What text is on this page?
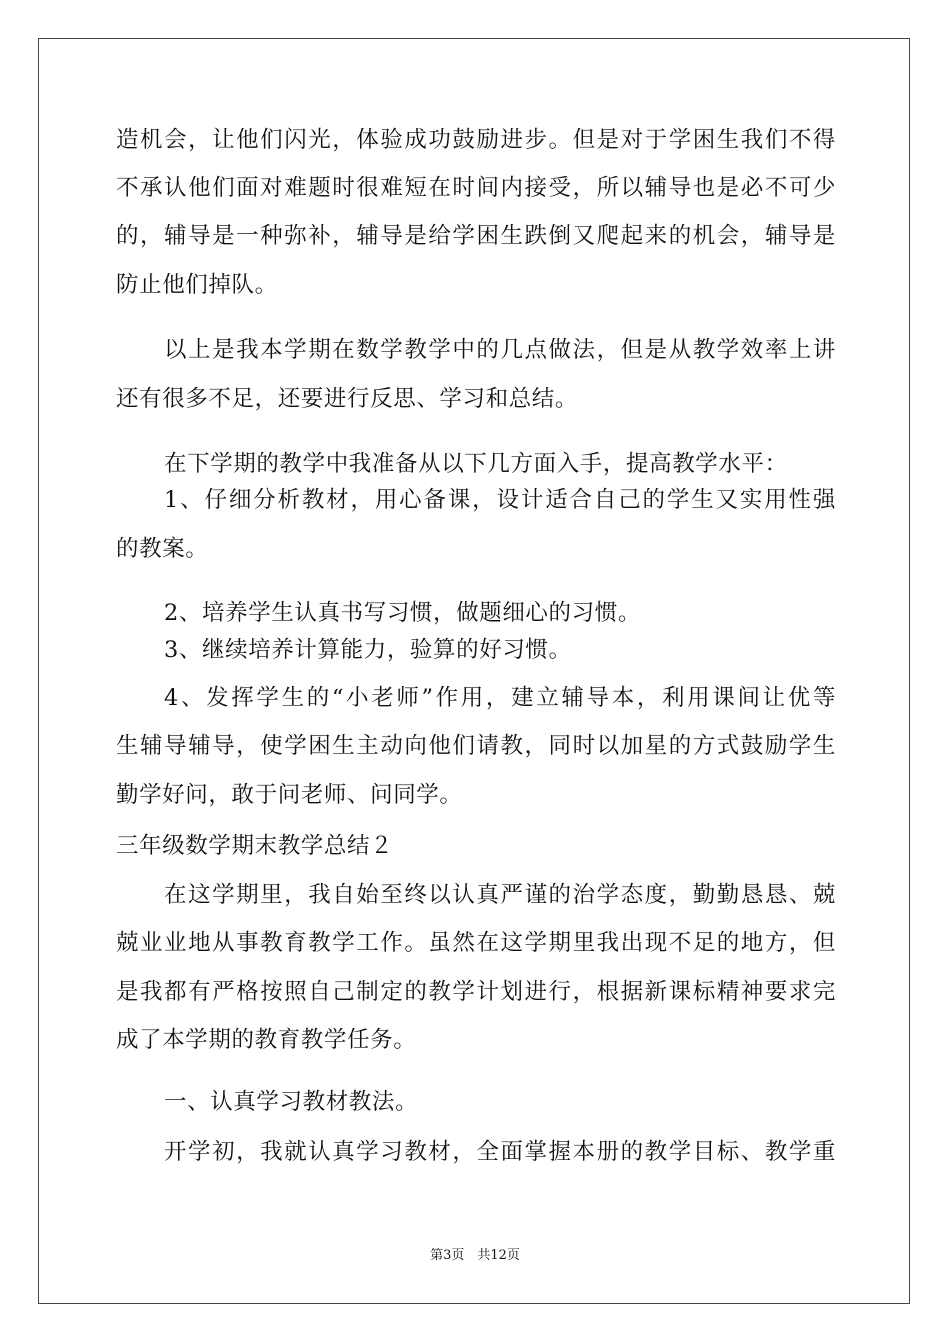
造机会，让他们闪光，体验成功鼓励进步。但是对于学困生我们不得
不承认他们面对难题时很难短在时间内接受，所以辅导也是必不可少
的，辅导是一种弥补，辅导是给学困生跌倒又爬起来的机会，辅导是
防止他们掉队。
以上是我本学期在数学教学中的几点做法，但是从教学效率上讲
还有很多不足，还要进行反思、学习和总结。
在下学期的教学中我准备从以下几方面入手，提高教学水平：
1、仔细分析教材，用心备课，设计适合自己的学生又实用性强
的教案。
2、培养学生认真书写习惯，做题细心的习惯。
3、继续培养计算能力，验算的好习惯。
4、发挥学生的“小老师”作用，建立辅导本，利用课间让优等
生辅导辅导，使学困生主动向他们请教，同时以加星的方式鼓励学生
勤学好问，敢于问老师、问同学。
三年级数学期末教学总结２
在这学期里，我自始至终以认真严谨的治学态度，勤勤恳恳、兢
兢业业地从事教育教学工作。虽然在这学期里我出现不足的地方，但
是我都有严格按照自己制定的教学计划进行，根据新课标精神要求完
成了本学期的教育教学任务。
一、认真学习教材教法。
开学初，我就认真学习教材，全面掌握本册的教学目标、教学重
第3页　共12页
